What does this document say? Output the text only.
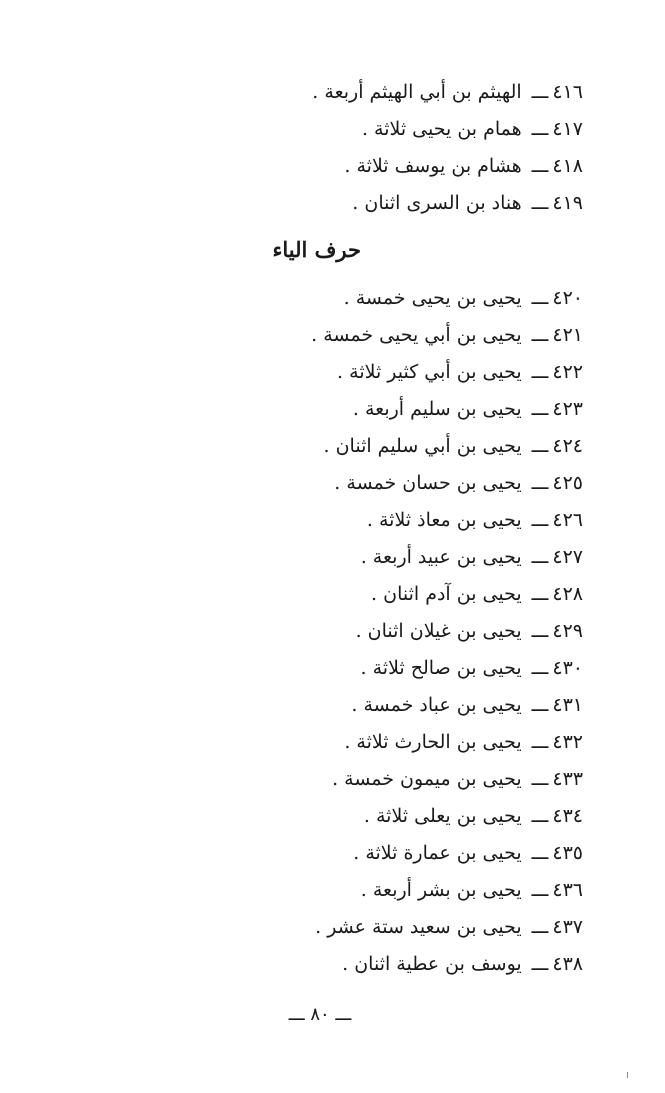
٤١٦ـــالهيثم بن أبي الهيثم أربعة .
٤١٧ـــهمام بن يحيى ثلاثة .
٤١٨ـــهشام بن يوسف ثلاثة .
٤١٩ـــهناد بن السرى اثنان .
حرف الياء
٤٢٠ـــيحيى بن يحيى خمسة .
٤٢١ـــيحيى بن أبي يحيى خمسة .
٤٢٢ـــيحيى بن أبي كثير ثلاثة .
٤٢٣ـــيحيى بن سليم أربعة .
٤٢٤ـــيحيى بن أبي سليم اثنان .
٤٢٥ـــيحيى بن حسان خمسة .
٤٢٦ـــيحيى بن معاذ ثلاثة .
٤٢٧ـــيحيى بن عبيد أربعة .
٤٢٨ـــيحيى بن آدم اثنان .
٤٢٩ـــيحيى بن غيلان اثنان .
٤٣٠ـــيحيى بن صالح ثلاثة .
٤٣١ـــيحيى بن عباد خمسة .
٤٣٢ـــيحيى بن الحارث ثلاثة .
٤٣٣ـــيحيى بن ميمون خمسة .
٤٣٤ـــيحيى بن يعلى ثلاثة .
٤٣٥ـــيحيى بن عمارة ثلاثة .
٤٣٦ـــيحيى بن بشر أربعة .
٤٣٧ـــيحيى بن سعيد ستة عشر .
٤٣٨ـــيوسف بن عطية اثنان .
ـــ ٨٠ ـــ
